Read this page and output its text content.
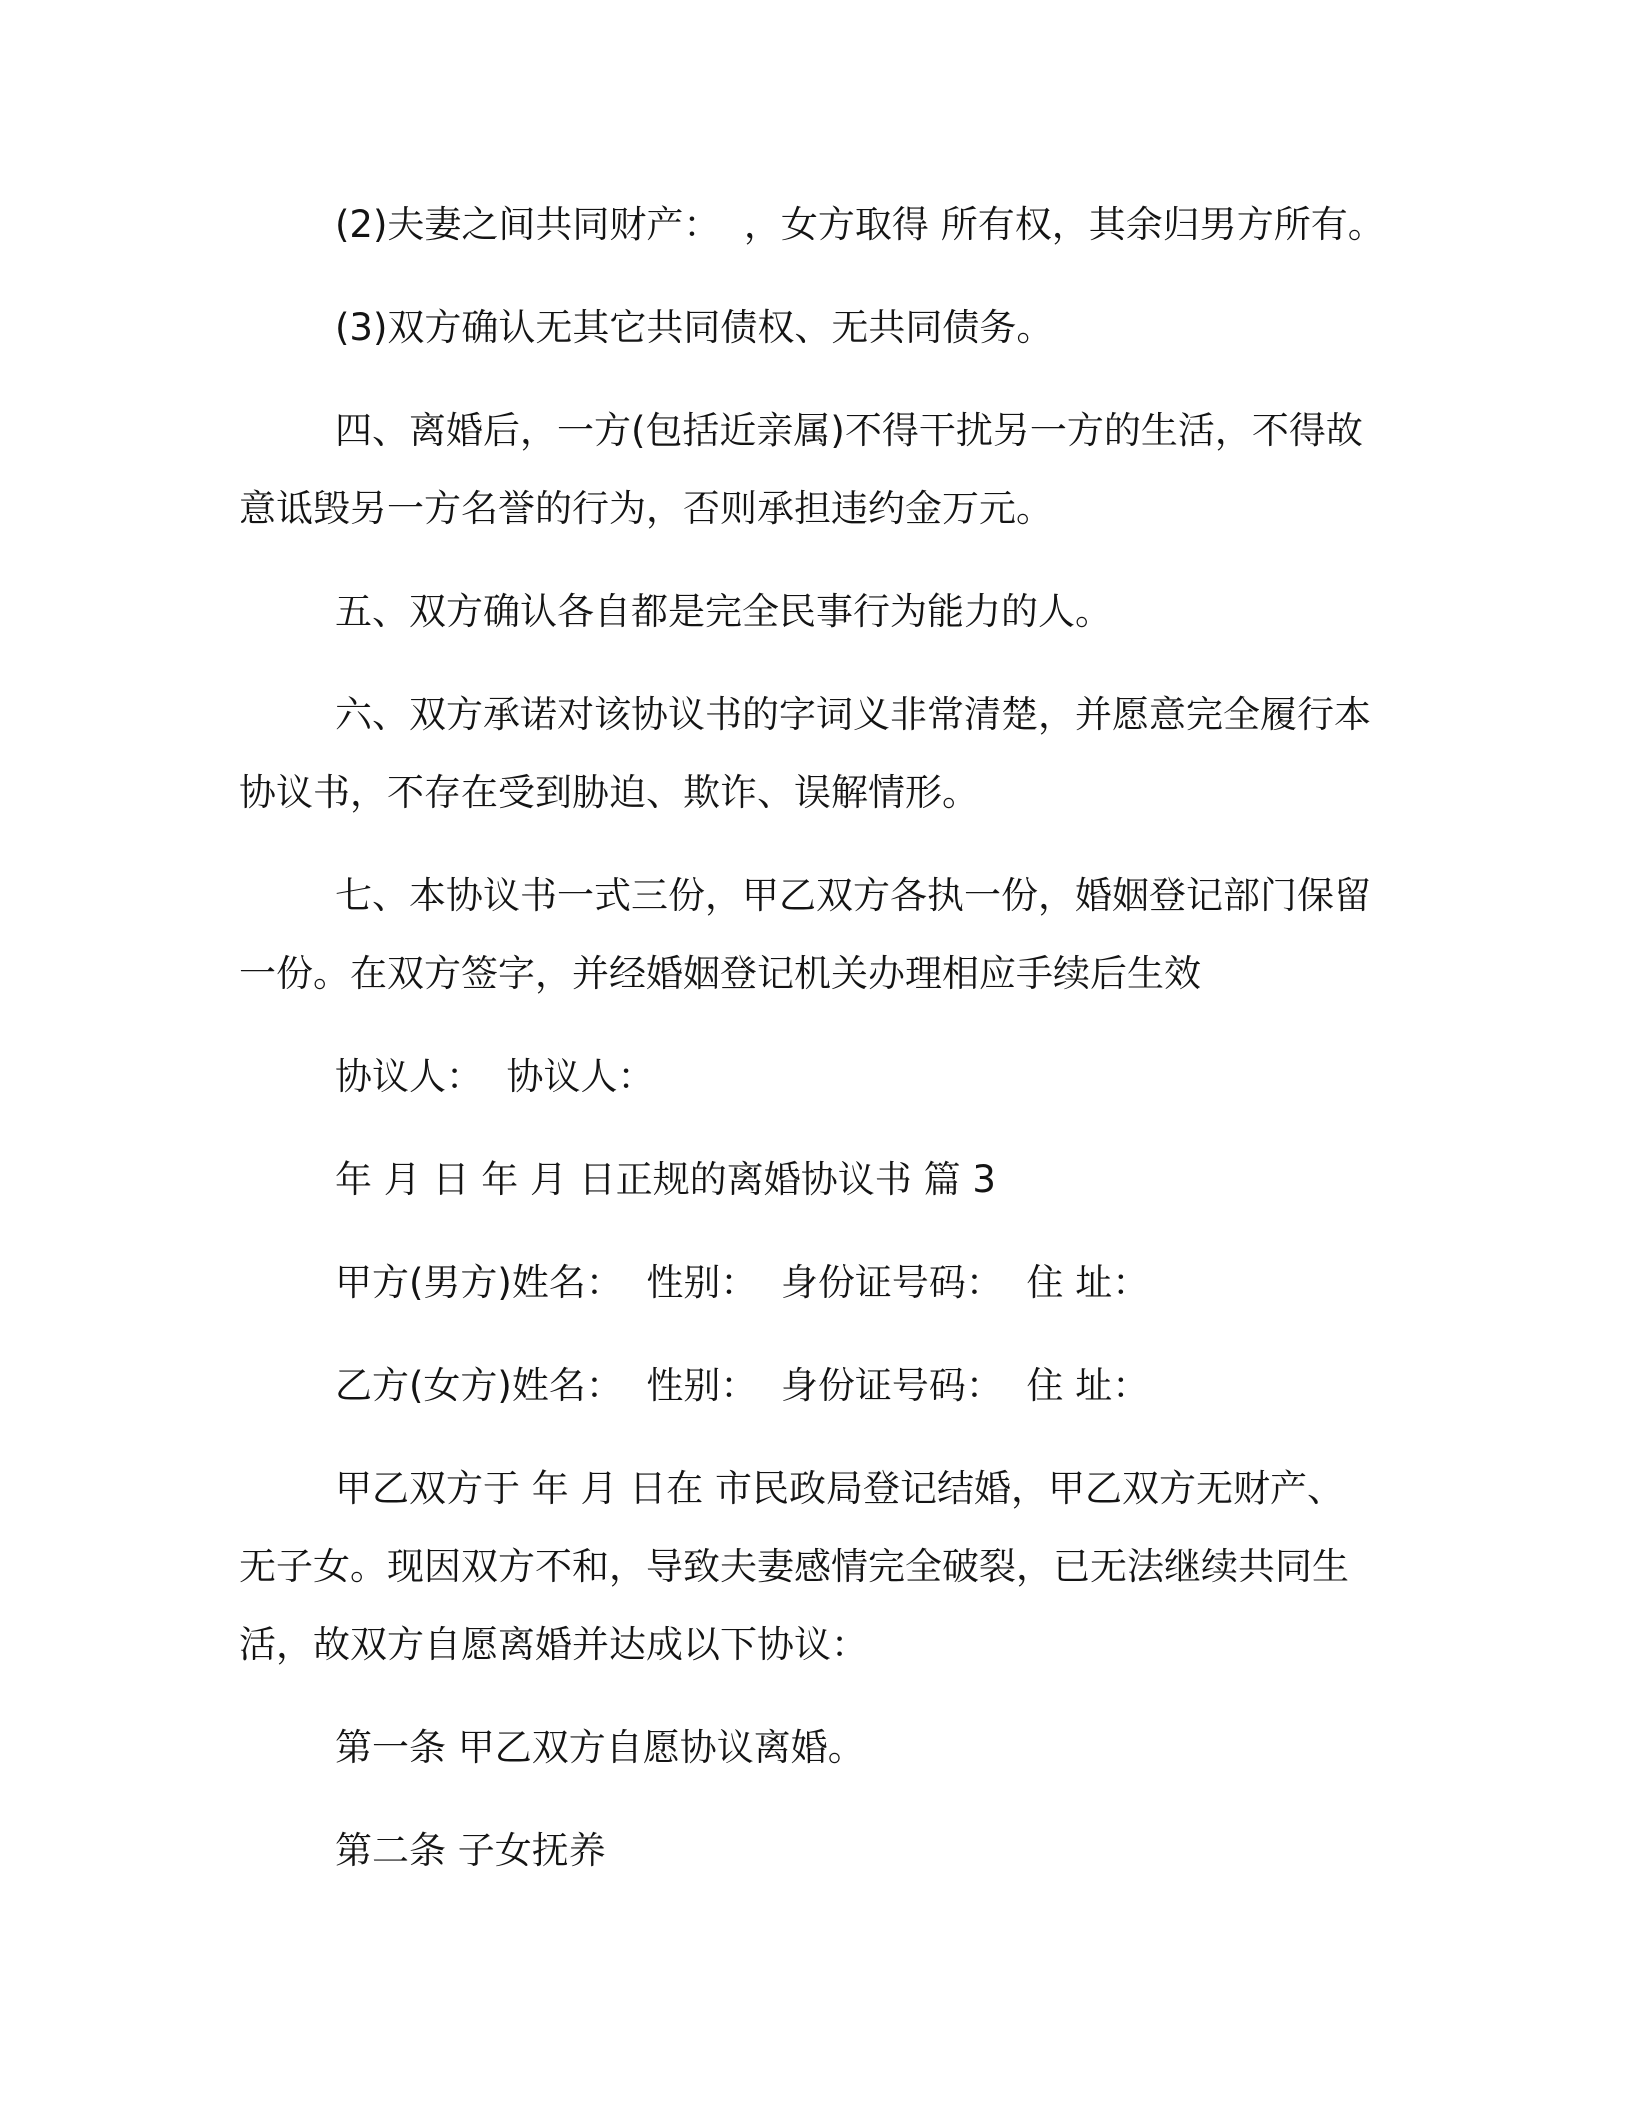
(2)夫妻之间共同财产：  ，女方取得 所有权，其余归男方所有。

(3)双方确认无其它共同债权、无共同债务。

四、离婚后，一方(包括近亲属)不得干扰另一方的生活，不得故意诋毁另一方名誉的行为，否则承担违约金万元。

五、双方确认各自都是完全民事行为能力的人。

六、双方承诺对该协议书的字词义非常清楚，并愿意完全履行本协议书，不存在受到胁迫、欺诈、误解情形。

七、本协议书一式三份，甲乙双方各执一份，婚姻登记部门保留一份。在双方签字，并经婚姻登记机关办理相应手续后生效

协议人：  协议人：

年 月 日 年 月 日正规的离婚协议书 篇 3

甲方(男方)姓名：  性别：  身份证号码：  住 址：

乙方(女方)姓名：  性别：  身份证号码：  住 址：

甲乙双方于 年 月 日在 市民政局登记结婚，甲乙双方无财产、无子女。现因双方不和，导致夫妻感情完全破裂，已无法继续共同生活，故双方自愿离婚并达成以下协议：

第一条 甲乙双方自愿协议离婚。

第二条 子女抚养
